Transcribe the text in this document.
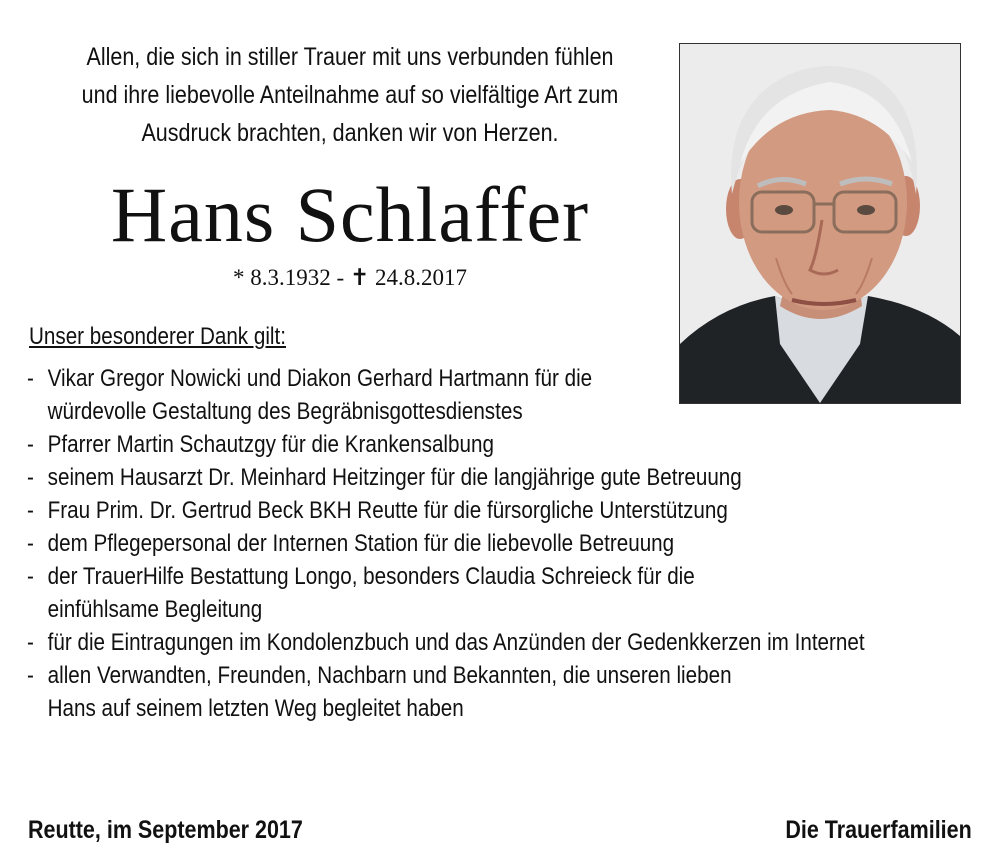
Allen, die sich in stiller Trauer mit uns verbunden fühlen
und ihre liebevolle Anteilnahme auf so vielfältige Art zum
Ausdruck brachten, danken wir von Herzen.
Hans Schlaffer
* 8.3.1932 - ✝ 24.8.2017
Unser besonderer Dank gilt:
- Vikar Gregor Nowicki und Diakon Gerhard Hartmann für die
würdevolle Gestaltung des Begräbnisgottesdienstes
- Pfarrer Martin Schautzgy für die Krankensalbung
- seinem Hausarzt Dr. Meinhard Heitzinger für die langjährige gute Betreuung
- Frau Prim. Dr. Gertrud Beck BKH Reutte für die fürsorgliche Unterstützung
- dem Pflegepersonal der Internen Station für die liebevolle Betreuung
- der TrauerHilfe Bestattung Longo, besonders Claudia Schreieck für die
einfühlsame Begleitung
- für die Eintragungen im Kondolenzbuch und das Anzünden der Gedenkkerzen im Internet
- allen Verwandten, Freunden, Nachbarn und Bekannten, die unseren lieben
Hans auf seinem letzten Weg begleitet haben
Reutte, im September 2017	Die Trauerfamilien
